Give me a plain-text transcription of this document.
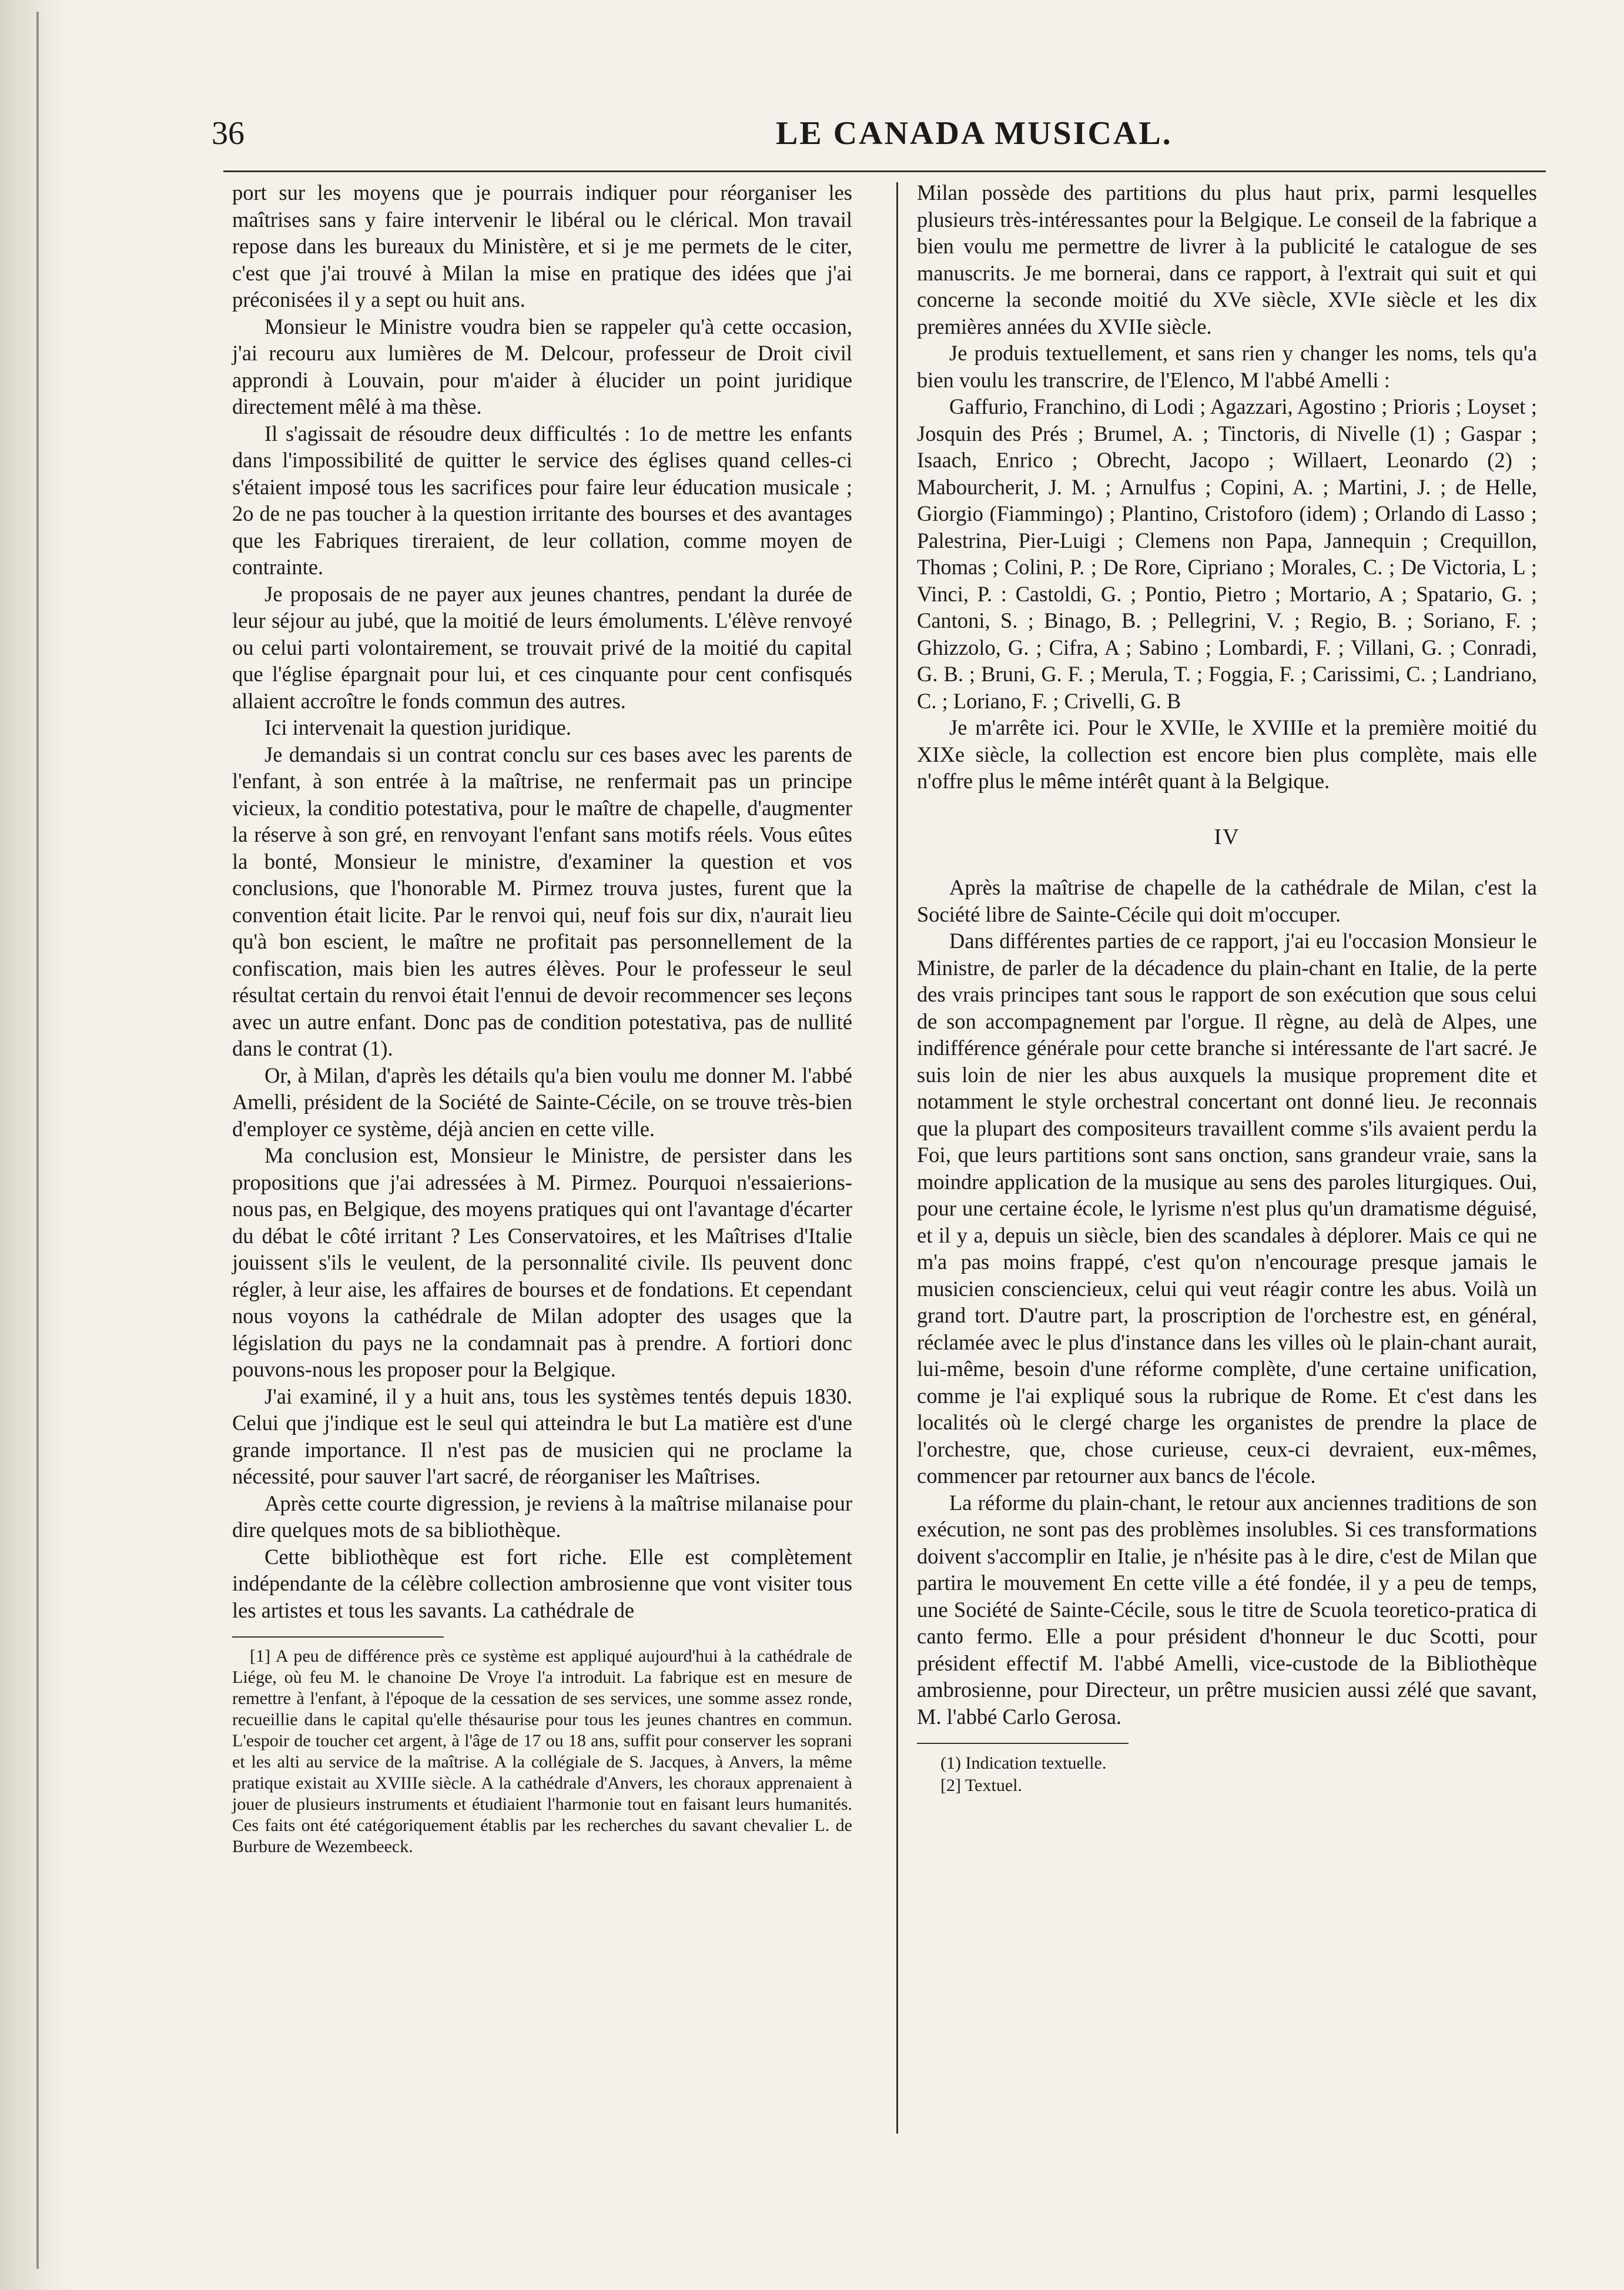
36	LE CANADA MUSICAL.

port sur les moyens que je pourrais indiquer pour réorganiser les maîtrises sans y faire intervenir le libéral ou le clérical. Mon travail repose dans les bureaux du Ministère, et si je me permets de le citer, c'est que j'ai trouvé à Milan la mise en pratique des idées que j'ai préconisées il y a sept ou huit ans.

Monsieur le Ministre voudra bien se rappeler qu'à cette occasion, j'ai recouru aux lumières de M. Delcour, professeur de Droit civil approndi à Louvain, pour m'aider à élucider un point juridique directement mêlé à ma thèse.

Il s'agissait de résoudre deux difficultés : 1o de mettre les enfants dans l'impossibilité de quitter le service des églises quand celles-ci s'étaient imposé tous les sacrifices pour faire leur éducation musicale ; 2o de ne pas toucher à la question irritante des bourses et des avantages que les Fabriques tireraient, de leur collation, comme moyen de contrainte.

Je proposais de ne payer aux jeunes chantres, pendant la durée de leur séjour au jubé, que la moitié de leurs émoluments. L'élève renvoyé ou celui parti volontairement, se trouvait privé de la moitié du capital que l'église épargnait pour lui, et ces cinquante pour cent confisqués allaient accroître le fonds commun des autres.

Ici intervenait la question juridique.

Je demandais si un contrat conclu sur ces bases avec les parents de l'enfant, à son entrée à la maîtrise, ne renfermait pas un principe vicieux, la conditio potestativa, pour le maître de chapelle, d'augmenter la réserve à son gré, en renvoyant l'enfant sans motifs réels. Vous eûtes la bonté, Monsieur le ministre, d'examiner la question et vos conclusions, que l'honorable M. Pirmez trouva justes, furent que la convention était licite. Par le renvoi qui, neuf fois sur dix, n'aurait lieu qu'à bon escient, le maître ne profitait pas personnellement de la confiscation, mais bien les autres élèves. Pour le professeur le seul résultat certain du renvoi était l'ennui de devoir recommencer ses leçons avec un autre enfant. Donc pas de condition potestativa, pas de nullité dans le contrat (1).

Or, à Milan, d'après les détails qu'a bien voulu me donner M. l'abbé Amelli, président de la Société de Sainte-Cécile, on se trouve très-bien d'employer ce système, déjà ancien en cette ville.

Ma conclusion est, Monsieur le Ministre, de persister dans les propositions que j'ai adressées à M. Pirmez. Pourquoi n'essaierions-nous pas, en Belgique, des moyens pratiques qui ont l'avantage d'écarter du débat le côté irritant ? Les Conservatoires, et les Maîtrises d'Italie jouissent s'ils le veulent, de la personnalité civile. Ils peuvent donc régler, à leur aise, les affaires de bourses et de fondations. Et cependant nous voyons la cathédrale de Milan adopter des usages que la législation du pays ne la condamnait pas à prendre. A fortiori donc pouvons-nous les proposer pour la Belgique.

J'ai examiné, il y a huit ans, tous les systèmes tentés depuis 1830. Celui que j'indique est le seul qui atteindra le but La matière est d'une grande importance. Il n'est pas de musicien qui ne proclame la nécessité, pour sauver l'art sacré, de réorganiser les Maîtrises.

Après cette courte digression, je reviens à la maîtrise milanaise pour dire quelques mots de sa bibliothèque.

Cette bibliothèque est fort riche. Elle est complètement indépendante de la célèbre collection ambrosienne que vont visiter tous les artistes et tous les savants. La cathédrale de

[1] A peu de différence près ce système est appliqué aujourd'hui à la cathédrale de Liége, où feu M. le chanoine De Vroye l'a introduit. La fabrique est en mesure de remettre à l'enfant, à l'époque de la cessation de ses services, une somme assez ronde, recueillie dans le capital qu'elle thésaurise pour tous les jeunes chantres en commun. L'espoir de toucher cet argent, à l'âge de 17 ou 18 ans, suffit pour conserver les soprani et les alti au service de la maîtrise. A la collégiale de S. Jacques, à Anvers, la même pratique existait au XVIIIe siècle. A la cathédrale d'Anvers, les choraux apprenaient à jouer de plusieurs instruments et étudiaient l'harmonie tout en faisant leurs humanités. Ces faits ont été catégoriquement établis par les recherches du savant chevalier L. de Burbure de Wezembeeck.

Milan possède des partitions du plus haut prix, parmi lesquelles plusieurs très-intéressantes pour la Belgique. Le conseil de la fabrique a bien voulu me permettre de livrer à la publicité le catalogue de ses manuscrits. Je me bornerai, dans ce rapport, à l'extrait qui suit et qui concerne la seconde moitié du XVe siècle, XVIe siècle et les dix premières années du XVIIe siècle.

Je produis textuellement, et sans rien y changer les noms, tels qu'a bien voulu les transcrire, de l'Elenco, M l'abbé Amelli :

Gaffurio, Franchino, di Lodi ; Agazzari, Agostino ; Prioris ; Loyset ; Josquin des Prés ; Brumel, A. ; Tinctoris, di Nivelle (1) ; Gaspar ; Isaach, Enrico ; Obrecht, Jacopo ; Willaert, Leonardo (2) ; Mabourcherit, J. M. ; Arnulfus ; Copini, A. ; Martini, J. ; de Helle, Giorgio (Fiammingo) ; Plantino, Cristoforo (idem) ; Orlando di Lasso ; Palestrina, Pier-Luigi ; Clemens non Papa, Jannequin ; Crequillon, Thomas ; Colini, P. ; De Rore, Cipriano ; Morales, C. ; De Victoria, L ; Vinci, P. : Castoldi, G. ; Pontio, Pietro ; Mortario, A ; Spatario, G. ; Cantoni, S. ; Binago, B. ; Pellegrini, V. ; Regio, B. ; Soriano, F. ; Ghizzolo, G. ; Cifra, A ; Sabino ; Lombardi, F. ; Villani, G. ; Conradi, G. B. ; Bruni, G. F. ; Merula, T. ; Foggia, F. ; Carissimi, C. ; Landriano, C. ; Loriano, F. ; Crivelli, G. B

Je m'arrête ici. Pour le XVIIe, le XVIIIe et la première moitié du XIXe siècle, la collection est encore bien plus complète, mais elle n'offre plus le même intérêt quant à la Belgique.

IV

Après la maîtrise de chapelle de la cathédrale de Milan, c'est la Société libre de Sainte-Cécile qui doit m'occuper.

Dans différentes parties de ce rapport, j'ai eu l'occasion Monsieur le Ministre, de parler de la décadence du plain-chant en Italie, de la perte des vrais principes tant sous le rapport de son exécution que sous celui de son accompagnement par l'orgue. Il règne, au delà de Alpes, une indifférence générale pour cette branche si intéressante de l'art sacré. Je suis loin de nier les abus auxquels la musique proprement dite et notamment le style orchestral concertant ont donné lieu. Je reconnais que la plupart des compositeurs travaillent comme s'ils avaient perdu la Foi, que leurs partitions sont sans onction, sans grandeur vraie, sans la moindre application de la musique au sens des paroles liturgiques. Oui, pour une certaine école, le lyrisme n'est plus qu'un dramatisme déguisé, et il y a, depuis un siècle, bien des scandales à déplorer. Mais ce qui ne m'a pas moins frappé, c'est qu'on n'encourage presque jamais le musicien consciencieux, celui qui veut réagir contre les abus. Voilà un grand tort. D'autre part, la proscription de l'orchestre est, en général, réclamée avec le plus d'instance dans les villes où le plain-chant aurait, lui-même, besoin d'une réforme complète, d'une certaine unification, comme je l'ai expliqué sous la rubrique de Rome. Et c'est dans les localités où le clergé charge les organistes de prendre la place de l'orchestre, que, chose curieuse, ceux-ci devraient, eux-mêmes, commencer par retourner aux bancs de l'école.

La réforme du plain-chant, le retour aux anciennes traditions de son exécution, ne sont pas des problèmes insolubles. Si ces transformations doivent s'accomplir en Italie, je n'hésite pas à le dire, c'est de Milan que partira le mouvement En cette ville a été fondée, il y a peu de temps, une Société de Sainte-Cécile, sous le titre de Scuola teoretico-pratica di canto fermo. Elle a pour président d'honneur le duc Scotti, pour président effectif M. l'abbé Amelli, vice-custode de la Bibliothèque ambrosienne, pour Directeur, un prêtre musicien aussi zélé que savant, M. l'abbé Carlo Gerosa.

(1) Indication textuelle.

[2] Textuel.
